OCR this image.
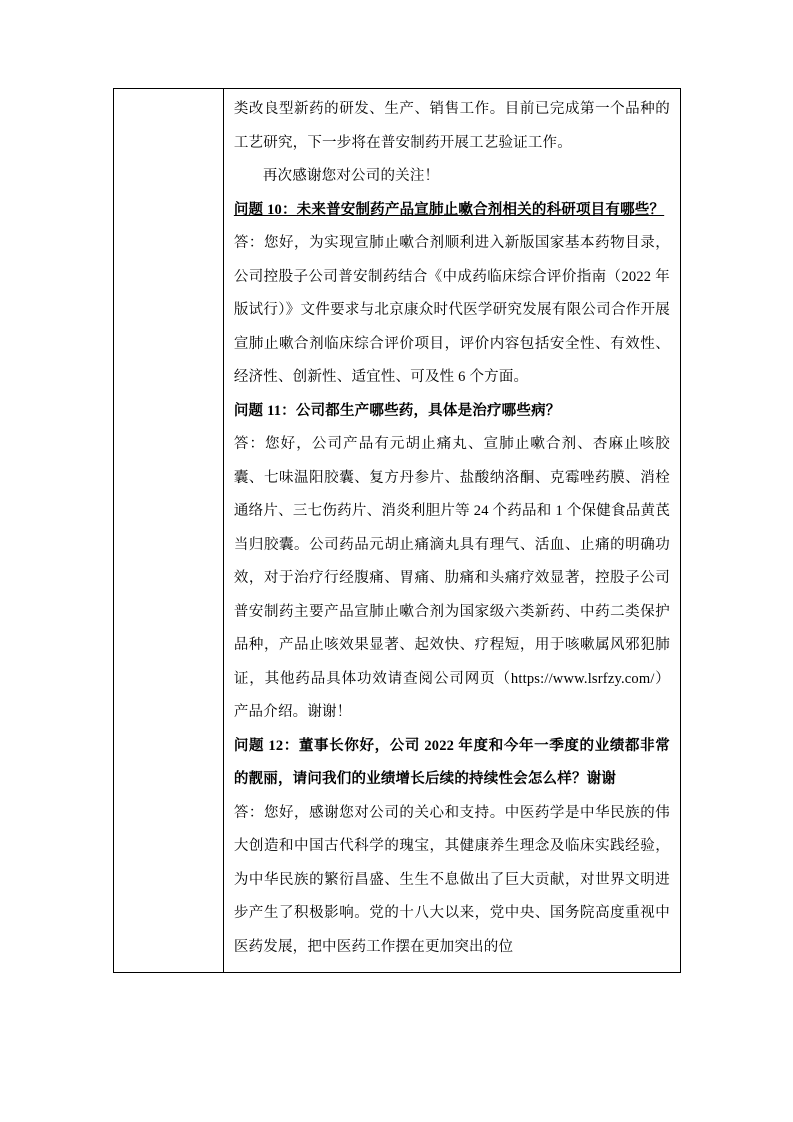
类改良型新药的研发、生产、销售工作。目前已完成第一个品种的工艺研究，下一步将在普安制药开展工艺验证工作。

再次感谢您对公司的关注！

问题 10：未来普安制药产品宣肺止嗽合剂相关的科研项目有哪些？

答：您好，为实现宣肺止嗽合剂顺利进入新版国家基本药物目录，公司控股子公司普安制药结合《中成药临床综合评价指南（2022 年版试行）》文件要求与北京康众时代医学研究发展有限公司合作开展宣肺止嗽合剂临床综合评价项目，评价内容包括安全性、有效性、经济性、创新性、适宜性、可及性 6 个方面。

问题 11：公司都生产哪些药，具体是治疗哪些病？

答：您好，公司产品有元胡止痛丸、宣肺止嗽合剂、杏麻止咳胶囊、七味温阳胶囊、复方丹参片、盐酸纳洛酮、克霉唑药膜、消栓通络片、三七伤药片、消炎利胆片等 24 个药品和 1 个保健食品黄芪当归胶囊。公司药品元胡止痛滴丸具有理气、活血、止痛的明确功效，对于治疗行经腹痛、胃痛、肋痛和头痛疗效显著，控股子公司普安制药主要产品宣肺止嗽合剂为国家级六类新药、中药二类保护品种，产品止咳效果显著、起效快、疗程短，用于咳嗽属风邪犯肺证，其他药品具体功效请查阅公司网页（https://www.lsrfzy.com/）产品介绍。谢谢！

问题 12：董事长你好，公司 2022 年度和今年一季度的业绩都非常的靓丽，请问我们的业绩增长后续的持续性会怎么样？谢谢

答：您好，感谢您对公司的关心和支持。中医药学是中华民族的伟大创造和中国古代科学的瑰宝，其健康养生理念及临床实践经验，为中华民族的繁衍昌盛、生生不息做出了巨大贡献，对世界文明进步产生了积极影响。党的十八大以来，党中央、国务院高度重视中医药发展，把中医药工作摆在更加突出的位
